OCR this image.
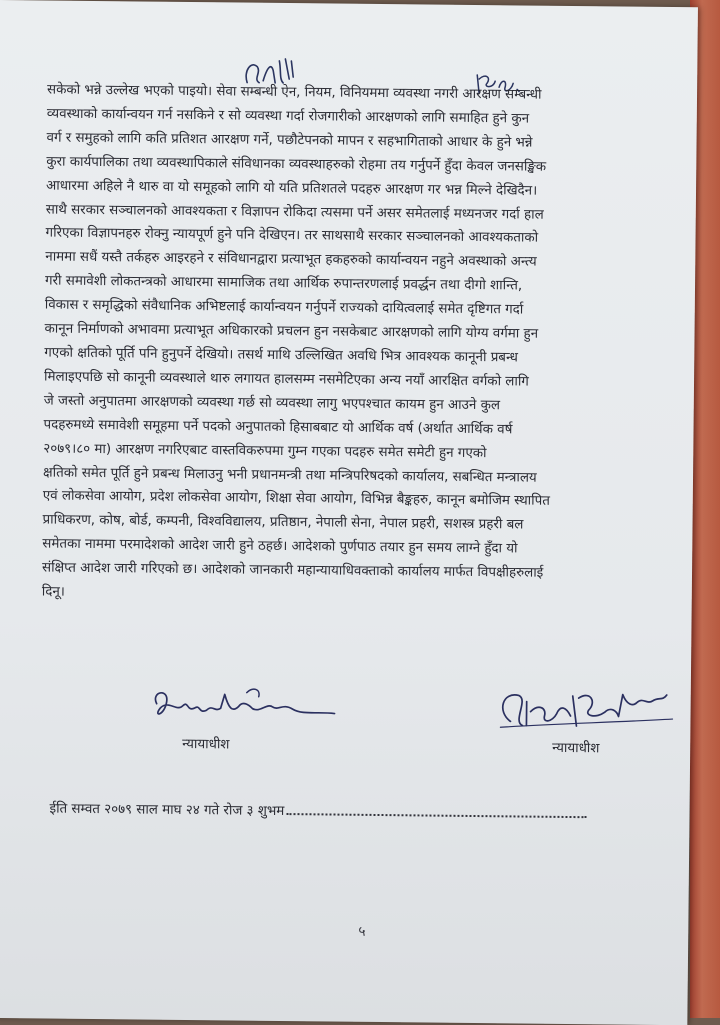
सकेको भन्ने उल्लेख भएको पाइयो। सेवा सम्बन्धी ऐन, नियम, विनियममा व्यवस्था नगरी आरक्षण सम्बन्धी
व्यवस्थाको कार्यान्वयन गर्न नसकिने र सो व्यवस्था गर्दा रोजगारीको आरक्षणको लागि समाहित हुने कुन
वर्ग र समुहको लागि कति प्रतिशत आरक्षण गर्ने, पछौटेपनको मापन र सहभागिताको आधार के हुने भन्ने
कुरा कार्यपालिका तथा व्यवस्थापिकाले संविधानका व्यवस्थाहरुको रोहमा तय गर्नुपर्ने हुँदा केवल जनसङ्खिक
आधारमा अहिले नै थारु वा यो समूहको लागि यो यति प्रतिशतले पदहरु आरक्षण गर भन्न मिल्ने देखिदैन।
साथै सरकार सञ्चालनको आवश्यकता र विज्ञापन रोकिदा त्यसमा पर्ने असर समेतलाई मध्यनजर गर्दा हाल
गरिएका विज्ञापनहरु रोक्नु न्यायपूर्ण हुने पनि देखिएन। तर साथसाथै सरकार सञ्चालनको आवश्यकताको
नाममा सधैं यस्तै तर्कहरु आइरहने र संविधानद्वारा प्रत्याभूत हकहरुको कार्यान्वयन नहुने अवस्थाको अन्त्य
गरी समावेशी लोकतन्त्रको आधारमा सामाजिक तथा आर्थिक रुपान्तरणलाई प्रवर्द्धन तथा दीगो शान्ति,
विकास र समृद्धिको संवैधानिक अभिष्टलाई कार्यान्वयन गर्नुपर्ने राज्यको दायित्वलाई समेत दृष्टिगत गर्दा
कानून निर्माणको अभावमा प्रत्याभूत अधिकारको प्रचलन हुन नसकेबाट आरक्षणको लागि योग्य वर्गमा हुन
गएको क्षतिको पूर्ति पनि हुनुपर्ने देखियो। तसर्थ माथि उल्लिखित अवधि भित्र आवश्यक कानूनी प्रबन्ध
मिलाइएपछि सो कानूनी व्यवस्थाले थारु लगायत हालसम्म नसमेटिएका अन्य नयाँ आरक्षित वर्गको लागि
जे जस्तो अनुपातमा आरक्षणको व्यवस्था गर्छ सो व्यवस्था लागु भएपश्चात कायम हुन आउने कुल
पदहरुमध्ये समावेशी समूहमा पर्ने पदको अनुपातको हिसाबबाट यो आर्थिक वर्ष (अर्थात आर्थिक वर्ष
२०७९।८० मा) आरक्षण नगरिएबाट वास्तविकरुपमा गुम्न गएका पदहरु समेत समेटी हुन गएको
क्षतिको समेत पूर्ति हुने प्रबन्ध मिलाउनु भनी प्रधानमन्त्री तथा मन्त्रिपरिषदको कार्यालय, सबन्धित मन्त्रालय
एवं लोकसेवा आयोग, प्रदेश लोकसेवा आयोग, शिक्षा सेवा आयोग, विभिन्न बैङ्कहरु, कानून बमोजिम स्थापित
प्राधिकरण, कोष, बोर्ड, कम्पनी, विश्वविद्यालय, प्रतिष्ठान, नेपाली सेना, नेपाल प्रहरी, सशस्त्र प्रहरी बल
समेतका नाममा परमादेशको आदेश जारी हुने ठहर्छ। आदेशको पुर्णपाठ तयार हुन समय लाग्ने हुँदा यो
संक्षिप्त आदेश जारी गरिएको छ। आदेशको जानकारी महान्यायाधिवक्ताको कार्यालय मार्फत विपक्षीहरुलाई
दिनू।
न्यायाधीश	न्यायाधीश
ईति सम्वत २०७९ साल माघ २४ गते रोज ३ शुभम
५
